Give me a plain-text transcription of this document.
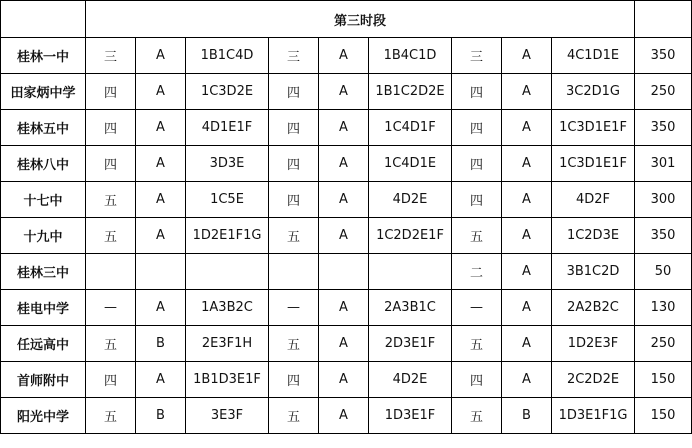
	第三时段									
桂林一中	三	A	1B1C4D	三	A	1B4C1D	三	A	4C1D1E	350
田家炳中学	四	A	1C3D2E	四	A	1B1C2D2E	四	A	3C2D1G	250
桂林五中	四	A	4D1E1F	四	A	1C4D1F	四	A	1C3D1E1F	350
桂林八中	四	A	3D3E	四	A	1C4D1E	四	A	1C3D1E1F	301
十七中	五	A	1C5E	四	A	4D2E	四	A	4D2F	300
十九中	五	A	1D2E1F1G	五	A	1C2D2E1F	五	A	1C2D3E	350
桂林三中							二	A	3B1C2D	50
桂电中学	—	A	1A3B2C	—	A	2A3B1C	—	A	2A2B2C	130
任远高中	五	B	2E3F1H	五	A	2D3E1F	五	A	1D2E3F	250
首师附中	四	A	1B1D3E1F	四	A	4D2E	四	A	2C2D2E	150
阳光中学	五	B	3E3F	五	A	1D3E1F	五	B	1D3E1F1G	150
